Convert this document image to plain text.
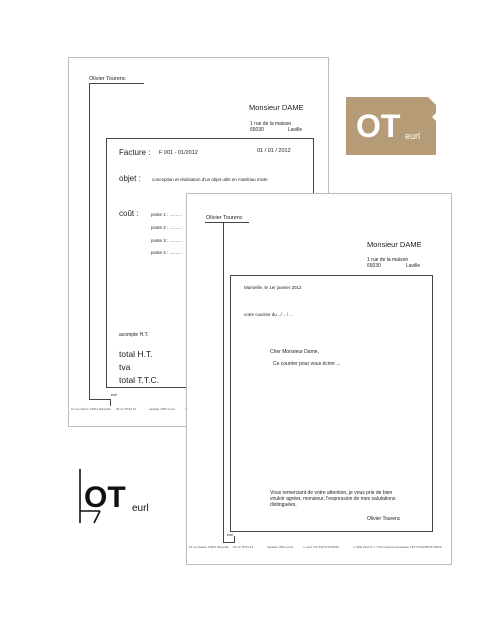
Olivier Tourenc
Monsieur DAME
1 rue de la maison
65030	Laville
Facture : F 001 - 01/2012	01 / 01 / 2012
objet : conception et réalisation d'un objet utile en matériau mixte
coût :	poste 1 : ..........
poste 2 : ..........
poste 3 : ..........
poste 4 : ..........
acompte H.T.
total H.T.
tva
total T.T.C.
eurl
10 rue Sainte 13001 Marseille 06 12 78 93 24	capitale 1000 euros
OT eurl
Olivier Tourenc
Monsieur DAME
1 rue de la maison
65030	Laville
Marseille, le 1er janvier 2012
votre courrier du ../ .. / ...
Cher Monsieur Dame,
Ce courrier pour vous écrire ...
Vous remerciant de votre attention, je vous prie de bien
vouloir agréer, monsieur, l'expression de mes salutations
distinguées,
Olivier Tourenc
eurl
10 rue Sainte 13001 Marseille 06 12 78 93 24	capitale 1000 euros	n. siret 712 345 678 00019	n. APE 2312 Z n. TVA intracommunautaire FR77712345678 00019
OT eurl
